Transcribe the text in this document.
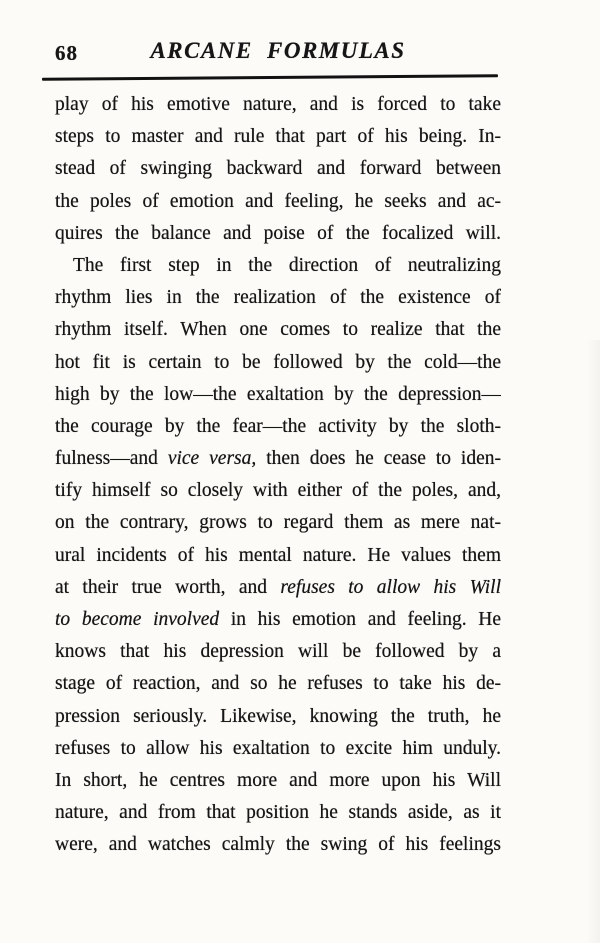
68	ARCANE FORMULAS
play of his emotive nature, and is forced to take
steps to master and rule that part of his being. In-
stead of swinging backward and forward between
the poles of emotion and feeling, he seeks and ac-
quires the balance and poise of the focalized will.
The first step in the direction of neutralizing
rhythm lies in the realization of the existence of
rhythm itself. When one comes to realize that the
hot fit is certain to be followed by the cold—the
high by the low—the exaltation by the depression—
the courage by the fear—the activity by the sloth-
fulness—and vice versa, then does he cease to iden-
tify himself so closely with either of the poles, and,
on the contrary, grows to regard them as mere nat-
ural incidents of his mental nature. He values them
at their true worth, and refuses to allow his Will
to become involved in his emotion and feeling. He
knows that his depression will be followed by a
stage of reaction, and so he refuses to take his de-
pression seriously. Likewise, knowing the truth, he
refuses to allow his exaltation to excite him unduly.
In short, he centres more and more upon his Will
nature, and from that position he stands aside, as it
were, and watches calmly the swing of his feelings
